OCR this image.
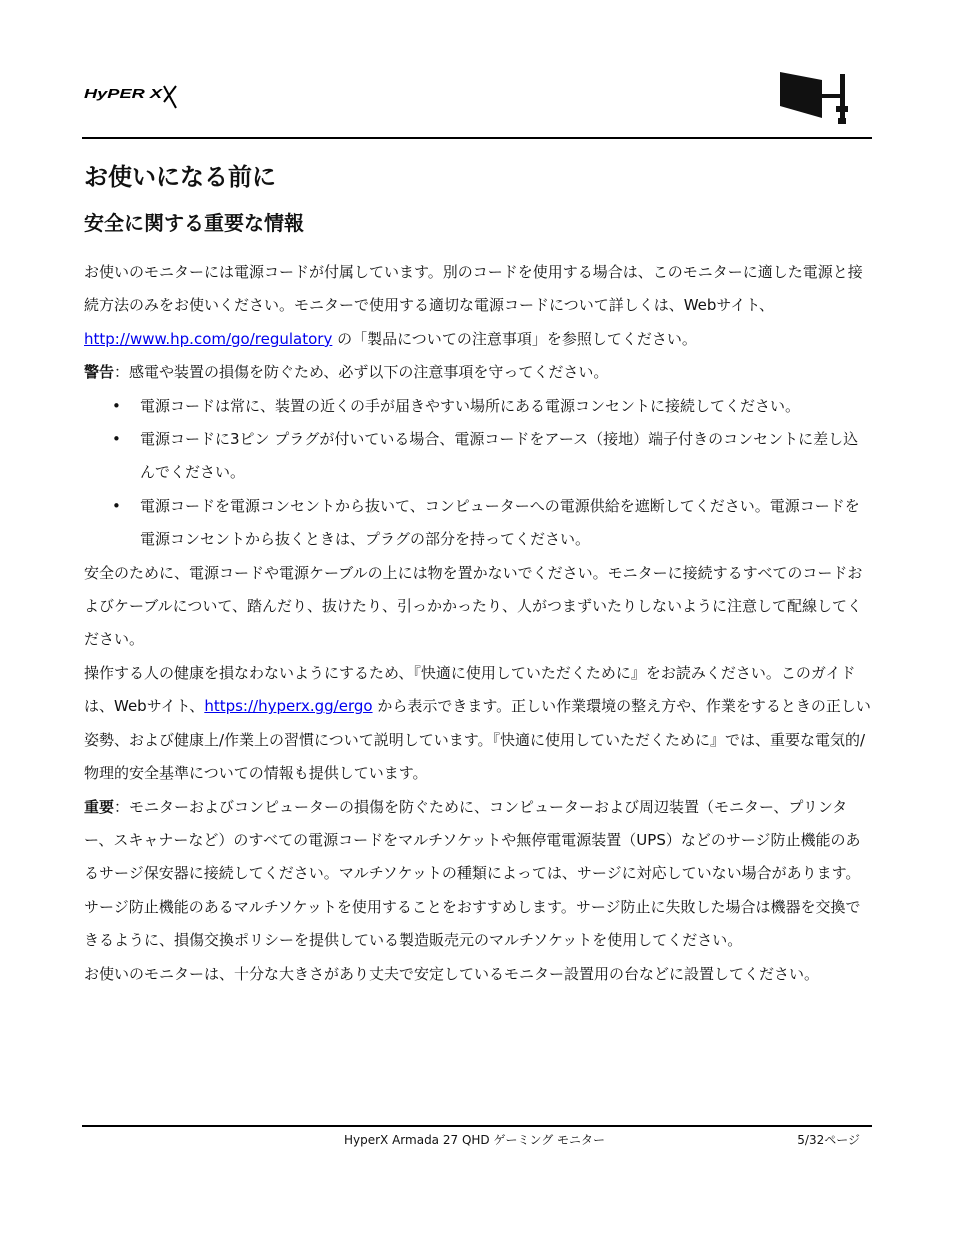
HyPER X
お使いになる前に
安全に関する重要な情報

お使いのモニターには電源コードが付属しています。別のコードを使用する場合は、このモニターに適した電源と接続方法のみをお使いください。モニターで使用する適切な電源コードについて詳しくは、Webサイト、http://www.hp.com/go/regulatory の「製品についての注意事項」を参照してください。

警告：感電や装置の損傷を防ぐため、必ず以下の注意事項を守ってください。

• 電源コードは常に、装置の近くの手が届きやすい場所にある電源コンセントに接続してください。
• 電源コードに3ピン プラグが付いている場合、電源コードをアース（接地）端子付きのコンセントに差し込んでください。
• 電源コードを電源コンセントから抜いて、コンピューターへの電源供給を遮断してください。電源コードを電源コンセントから抜くときは、プラグの部分を持ってください。

安全のために、電源コードや電源ケーブルの上には物を置かないでください。モニターに接続するすべてのコードおよびケーブルについて、踏んだり、抜けたり、引っかかったり、人がつまずいたりしないように注意して配線してください。

操作する人の健康を損なわないようにするため、『快適に使用していただくために』をお読みください。このガイドは、Webサイト、https://hyperx.gg/ergo から表示できます。正しい作業環境の整え方や、作業をするときの正しい姿勢、および健康上/作業上の習慣について説明しています。『快適に使用していただくために』では、重要な電気的/物理的安全基準についての情報も提供しています。

重要：モニターおよびコンピューターの損傷を防ぐために、コンピューターおよび周辺装置（モニター、プリンター、スキャナーなど）のすべての電源コードをマルチソケットや無停電電源装置（UPS）などのサージ防止機能のあるサージ保安器に接続してください。マルチソケットの種類によっては、サージに対応していない場合があります。サージ防止機能のあるマルチソケットを使用することをおすすめします。サージ防止に失敗した場合は機器を交換できるように、損傷交換ポリシーを提供している製造販売元のマルチソケットを使用してください。

お使いのモニターは、十分な大きさがあり丈夫で安定しているモニター設置用の台などに設置してください。

HyperX Armada 27 QHD ゲーミング モニター	5/32ページ
